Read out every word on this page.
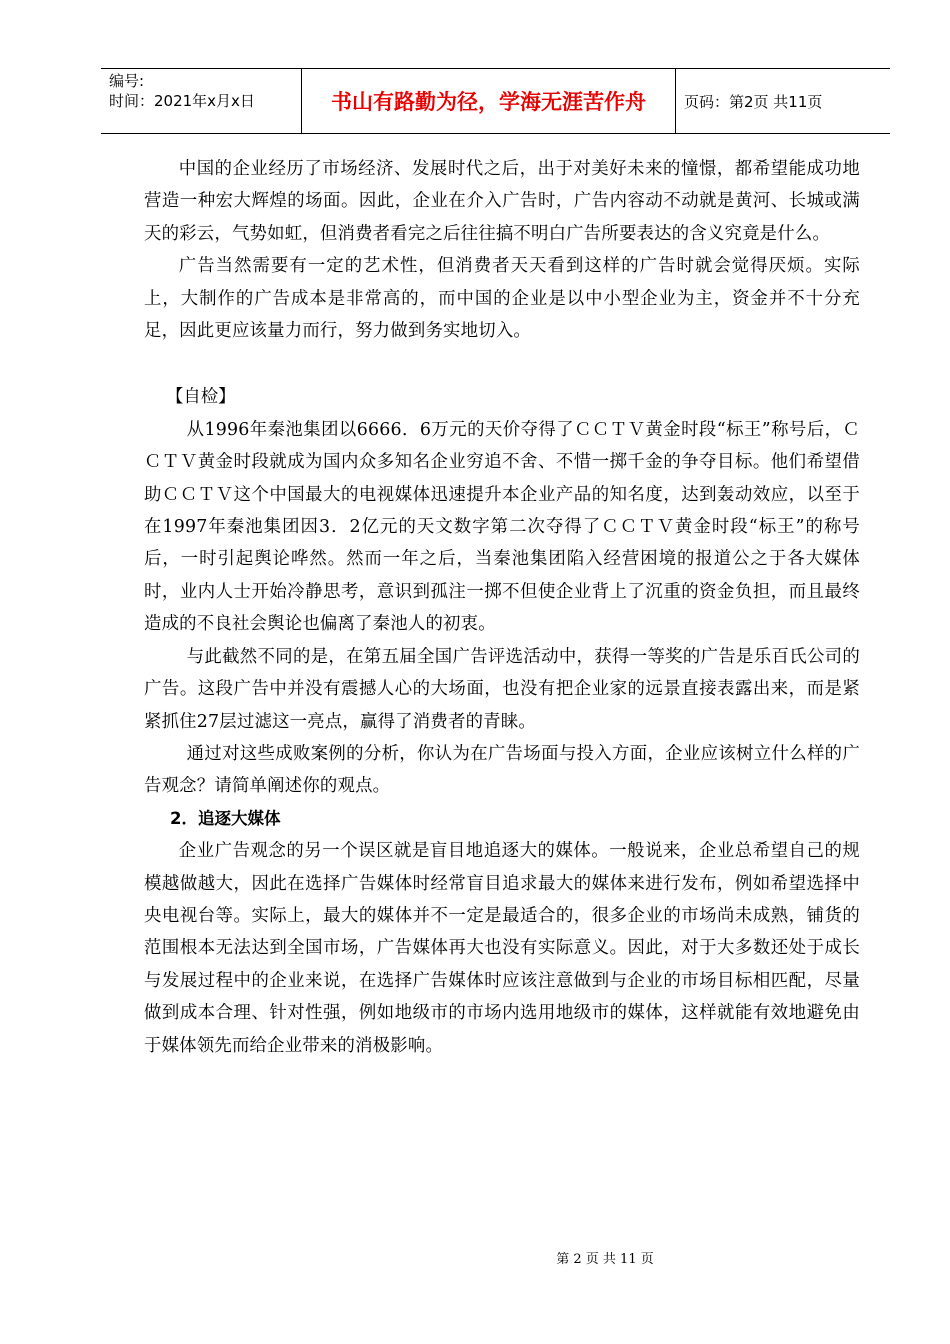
编号:
时间：2021年x月x日	书山有路勤为径，学海无涯苦作舟	页码：第2页 共11页

中国的企业经历了市场经济、发展时代之后，出于对美好未来的憧憬，都希望能成功地营造一种宏大辉煌的场面。因此，企业在介入广告时，广告内容动不动就是黄河、长城或满天的彩云，气势如虹，但消费者看完之后往往搞不明白广告所要表达的含义究竟是什么。

广告当然需要有一定的艺术性，但消费者天天看到这样的广告时就会觉得厌烦。实际上，大制作的广告成本是非常高的，而中国的企业是以中小型企业为主，资金并不十分充足，因此更应该量力而行，努力做到务实地切入。

【自检】

从1996年秦池集团以6666．6万元的天价夺得了ＣＣＴＶ黄金时段“标王”称号后，ＣＣＴＶ黄金时段就成为国内众多知名企业穷追不舍、不惜一掷千金的争夺目标。他们希望借助ＣＣＴＶ这个中国最大的电视媒体迅速提升本企业产品的知名度，达到轰动效应，以至于在1997年秦池集团因3．2亿元的天文数字第二次夺得了ＣＣＴＶ黄金时段“标王”的称号后，一时引起舆论哗然。然而一年之后，当秦池集团陷入经营困境的报道公之于各大媒体时，业内人士开始冷静思考，意识到孤注一掷不但使企业背上了沉重的资金负担，而且最终造成的不良社会舆论也偏离了秦池人的初衷。

与此截然不同的是，在第五届全国广告评选活动中，获得一等奖的广告是乐百氏公司的广告。这段广告中并没有震撼人心的大场面，也没有把企业家的远景直接表露出来，而是紧紧抓住27层过滤这一亮点，赢得了消费者的青睐。

通过对这些成败案例的分析，你认为在广告场面与投入方面，企业应该树立什么样的广告观念？请简单阐述你的观点。

2．追逐大媒体

企业广告观念的另一个误区就是盲目地追逐大的媒体。一般说来，企业总希望自己的规模越做越大，因此在选择广告媒体时经常盲目追求最大的媒体来进行发布，例如希望选择中央电视台等。实际上，最大的媒体并不一定是最适合的，很多企业的市场尚未成熟，铺货的范围根本无法达到全国市场，广告媒体再大也没有实际意义。因此，对于大多数还处于成长与发展过程中的企业来说，在选择广告媒体时应该注意做到与企业的市场目标相匹配，尽量做到成本合理、针对性强，例如地级市的市场内选用地级市的媒体，这样就能有效地避免由于媒体领先而给企业带来的消极影响。

第 2 页 共 11 页
